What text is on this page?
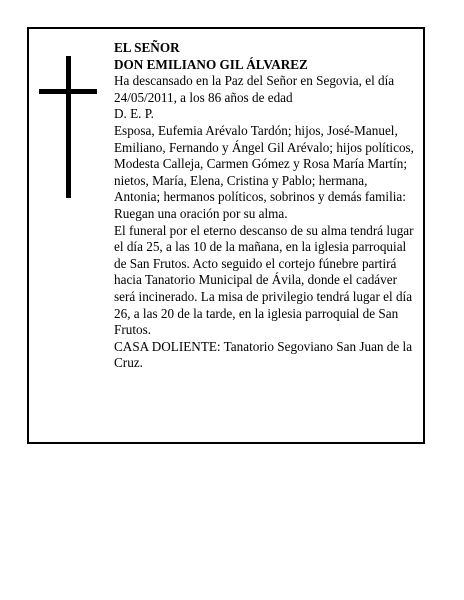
EL SEÑOR

DON EMILIANO GIL ÁLVAREZ

Ha descansado en la Paz del Señor en Segovia, el día 24/05/2011, a los 86 años de edad

D. E. P.

Esposa, Eufemia Arévalo Tardón; hijos, José-Manuel, Emiliano, Fernando y Ángel Gil Arévalo; hijos políticos, Modesta Calleja, Carmen Gómez y Rosa María Martín; nietos, María, Elena, Cristina y Pablo; hermana, Antonia; hermanos políticos, sobrinos y demás familia:

Ruegan una oración por su alma.

El funeral por el eterno descanso de su alma tendrá lugar el día 25, a las 10 de la mañana, en la iglesia parroquial de San Frutos. Acto seguido el cortejo fúnebre partirá hacia Tanatorio Municipal de Ávila, donde el cadáver será incinerado. La misa de privilegio tendrá lugar el día 26, a las 20 de la tarde, en la iglesia parroquial de San Frutos.

CASA DOLIENTE: Tanatorio Segoviano San Juan de la Cruz.
